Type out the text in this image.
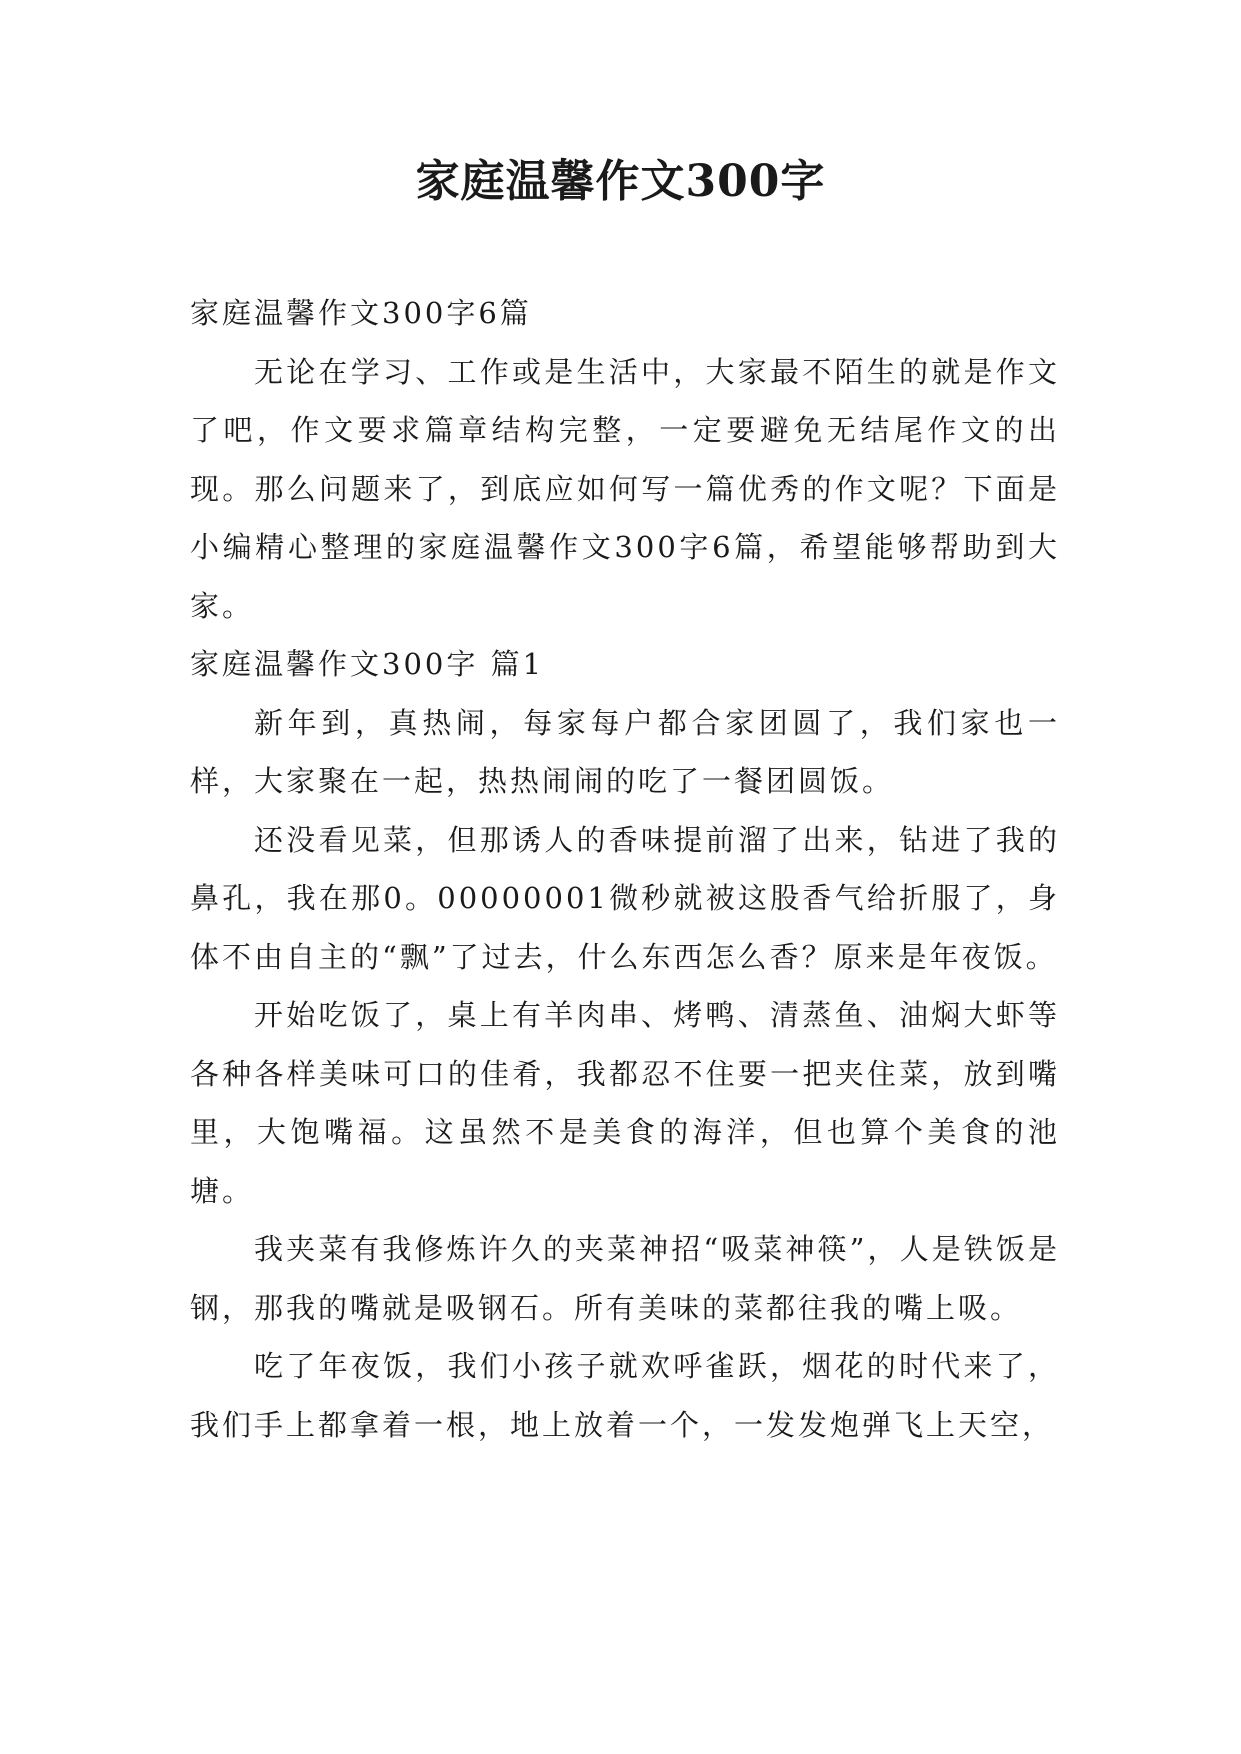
家庭温馨作文300字

家庭温馨作文300字6篇

无论在学习、工作或是生活中，大家最不陌生的就是作文了吧，作文要求篇章结构完整，一定要避免无结尾作文的出现。那么问题来了，到底应如何写一篇优秀的作文呢？下面是小编精心整理的家庭温馨作文300字6篇，希望能够帮助到大家。

家庭温馨作文300字 篇1

新年到，真热闹，每家每户都合家团圆了，我们家也一样，大家聚在一起，热热闹闹的吃了一餐团圆饭。

还没看见菜，但那诱人的香味提前溜了出来，钻进了我的鼻孔，我在那0。00000001微秒就被这股香气给折服了，身体不由自主的“飘”了过去，什么东西怎么香？原来是年夜饭。

开始吃饭了，桌上有羊肉串、烤鸭、清蒸鱼、油焖大虾等各种各样美味可口的佳肴，我都忍不住要一把夹住菜，放到嘴里，大饱嘴福。这虽然不是美食的海洋，但也算个美食的池塘。

我夹菜有我修炼许久的夹菜神招“吸菜神筷”，人是铁饭是钢，那我的嘴就是吸钢石。所有美味的菜都往我的嘴上吸。

吃了年夜饭，我们小孩子就欢呼雀跃，烟花的时代来了，我们手上都拿着一根，地上放着一个，一发发炮弹飞上天空，
